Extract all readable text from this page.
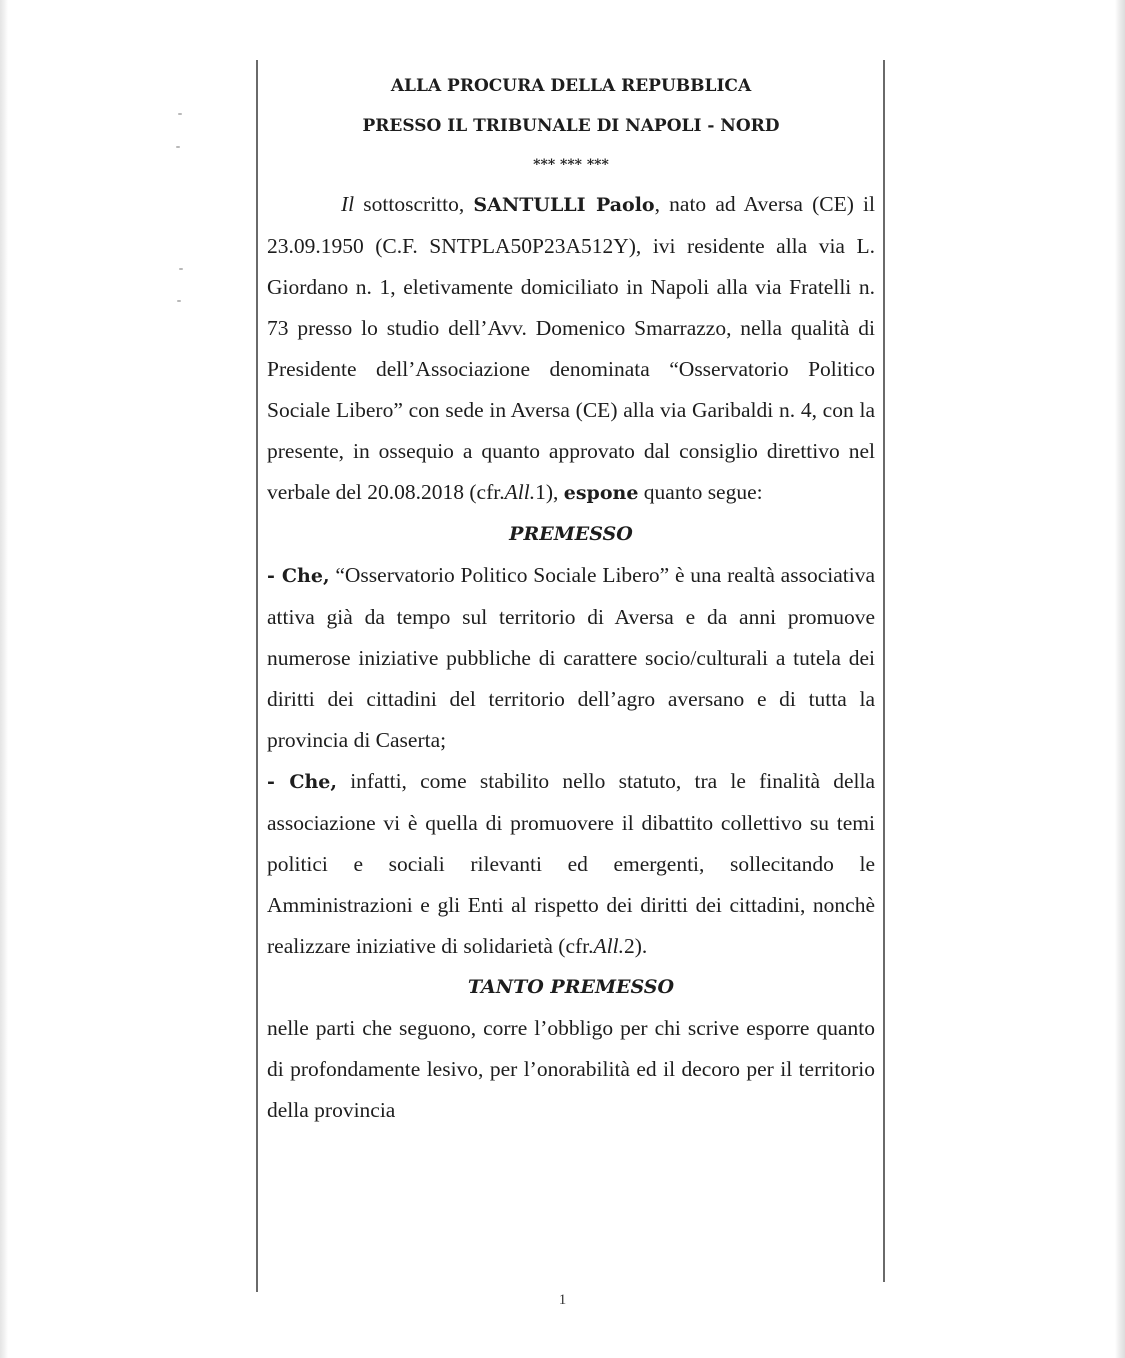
ALLA PROCURA DELLA REPUBBLICA
PRESSO IL TRIBUNALE DI NAPOLI - NORD
*** *** ***

Il sottoscritto, SANTULLI Paolo, nato ad Aversa (CE) il 23.09.1950 (C.F. SNTPLA50P23A512Y), ivi residente alla via L. Giordano n. 1, eletivamente domiciliato in Napoli alla via Fratelli n. 73 presso lo studio dell’Avv. Domenico Smarrazzo, nella qualità di Presidente dell’Associazione denominata “Osservatorio Politico Sociale Libero” con sede in Aversa (CE) alla via Garibaldi n. 4, con la presente, in ossequio a quanto approvato dal consiglio direttivo nel verbale del 20.08.2018 (cfr.All.1), espone quanto segue:

PREMESSO

- Che, “Osservatorio Politico Sociale Libero” è una realtà associativa attiva già da tempo sul territorio di Aversa e da anni promuove numerose iniziative pubbliche di carattere socio/culturali a tutela dei diritti dei cittadini del territorio dell’agro aversano e di tutta la provincia di Caserta;

- Che, infatti, come stabilito nello statuto, tra le finalità della associazione vi è quella di promuovere il dibattito collettivo su temi politici e sociali rilevanti ed emergenti, sollecitando le Amministrazioni e gli Enti al rispetto dei diritti dei cittadini, nonchè realizzare iniziative di solidarietà (cfr.All.2).

TANTO PREMESSO

nelle parti che seguono, corre l’obbligo per chi scrive esporre quanto di profondamente lesivo, per l’onorabilità ed il decoro per il territorio della provincia

1
